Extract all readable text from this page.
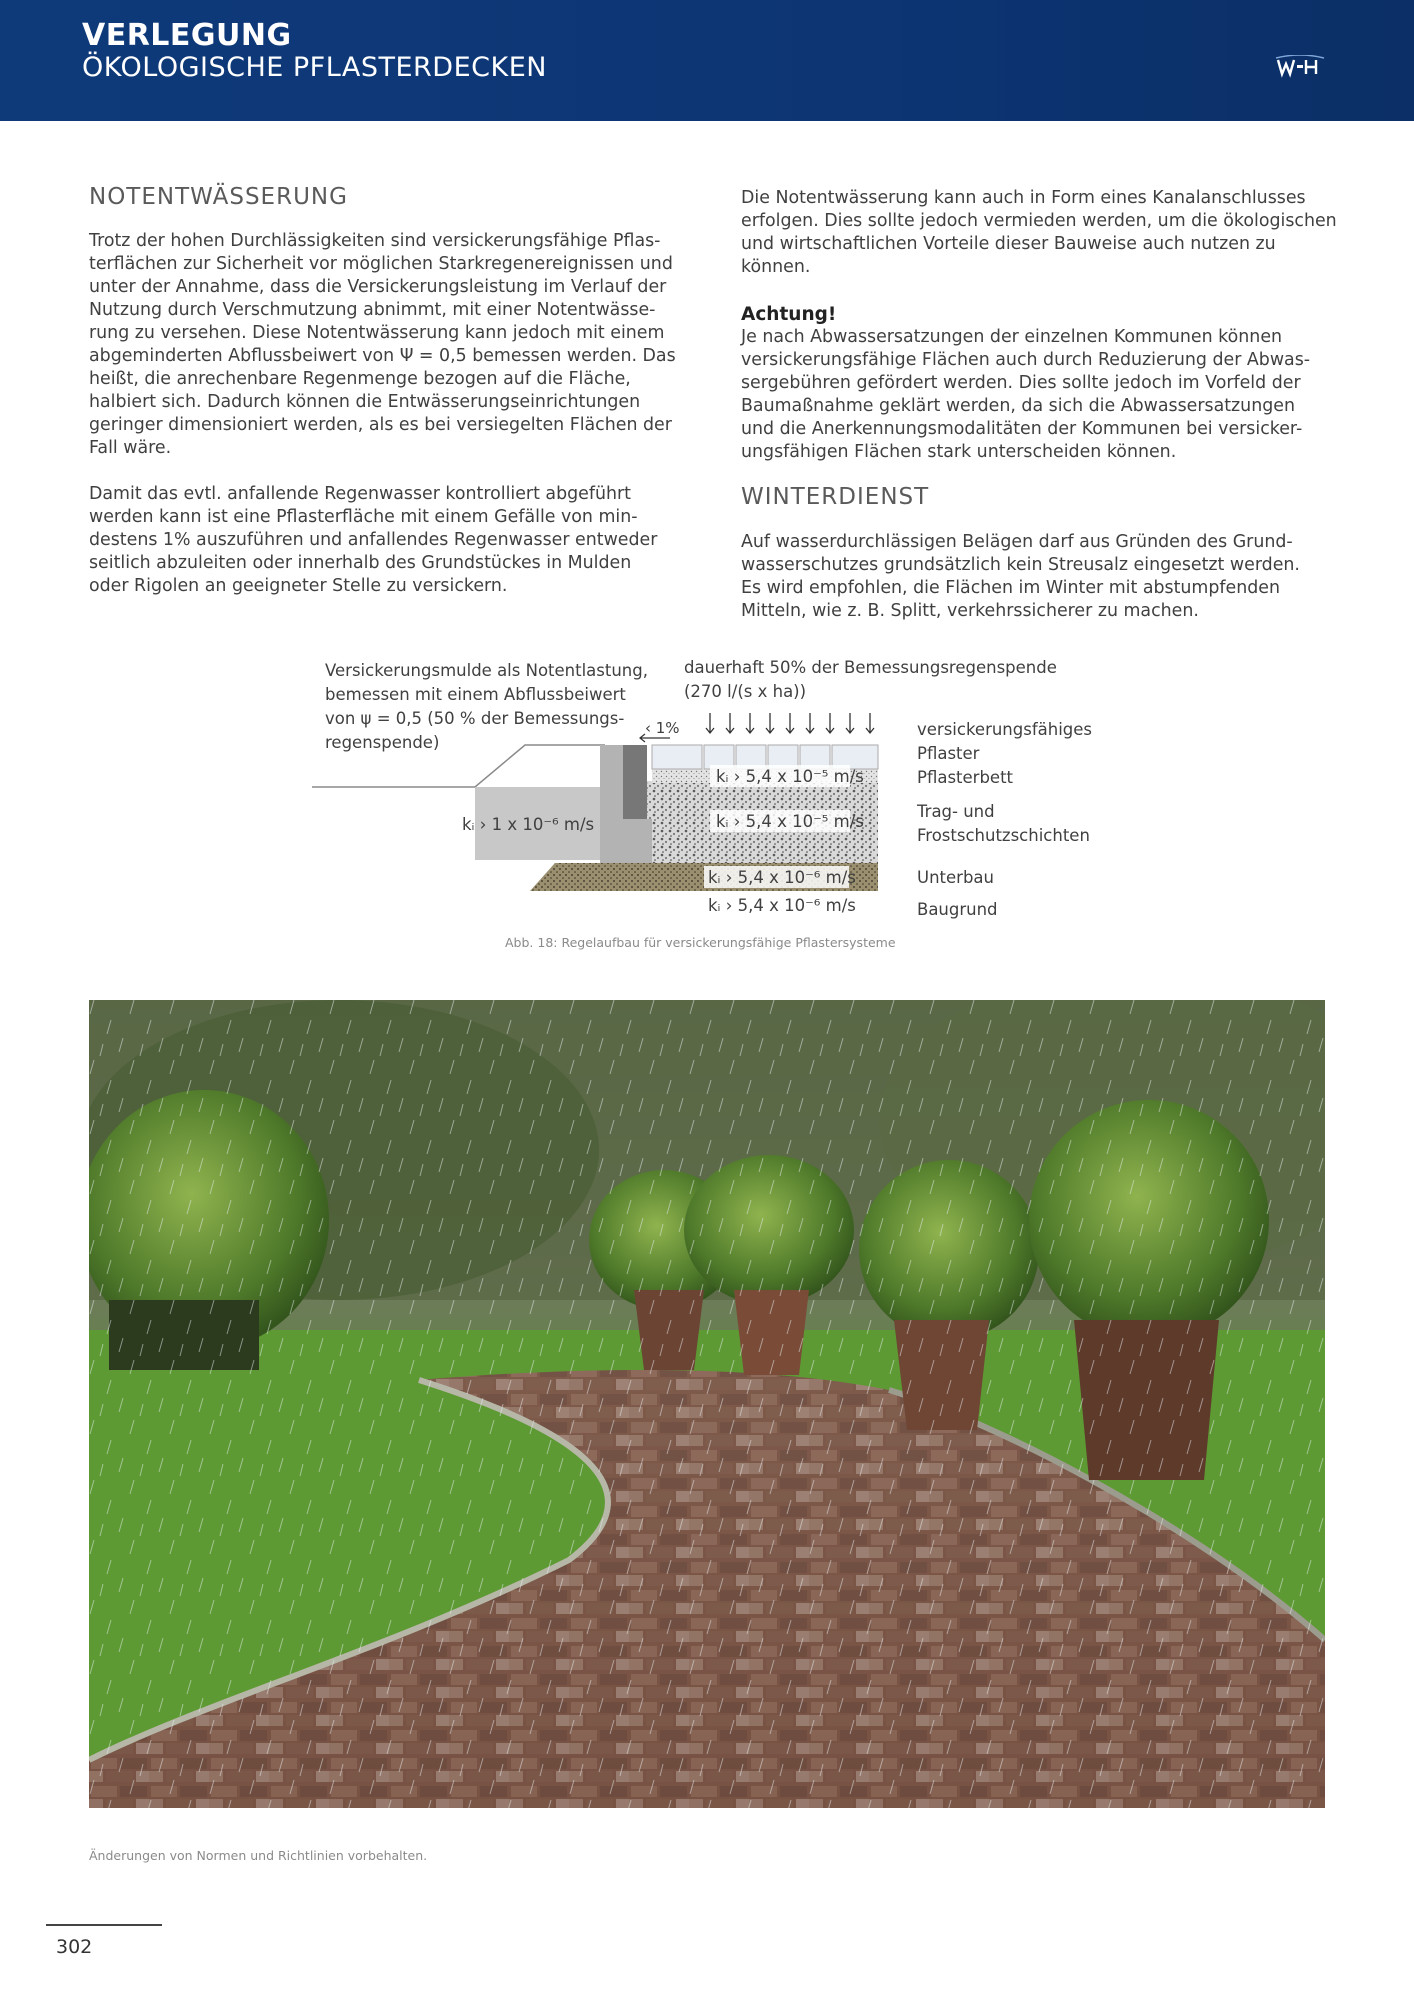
VERLEGUNG
ÖKOLOGISCHE PFLASTERDECKEN
NOTENTWÄSSERUNG

Trotz der hohen Durchlässigkeiten sind versickerungsfähige Pflas-
terflächen zur Sicherheit vor möglichen Starkregenereignissen und
unter der Annahme, dass die Versickerungsleistung im Verlauf der
Nutzung durch Verschmutzung abnimmt, mit einer Notentwässe-
rung zu versehen. Diese Notentwässerung kann jedoch mit einem
abgeminderten Abflussbeiwert von Ψ = 0,5 bemessen werden. Das
heißt, die anrechenbare Regenmenge bezogen auf die Fläche,
halbiert sich. Dadurch können die Entwässerungseinrichtungen
geringer dimensioniert werden, als es bei versiegelten Flächen der
Fall wäre.

Damit das evtl. anfallende Regenwasser kontrolliert abgeführt
werden kann ist eine Pflasterfläche mit einem Gefälle von min-
destens 1% auszuführen und anfallendes Regenwasser entweder
seitlich abzuleiten oder innerhalb des Grundstückes in Mulden
oder Rigolen an geeigneter Stelle zu versickern.

Die Notentwässerung kann auch in Form eines Kanalanschlusses
erfolgen. Dies sollte jedoch vermieden werden, um die ökologischen
und wirtschaftlichen Vorteile dieser Bauweise auch nutzen zu können.

Achtung!

Je nach Abwassersatzungen der einzelnen Kommunen können
versickerungsfähige Flächen auch durch Reduzierung der Abwas-
sergebühren gefördert werden. Dies sollte jedoch im Vorfeld der
Baumaßnahme geklärt werden, da sich die Abwassersatzungen
und die Anerkennungsmodalitäten der Kommunen bei versicker-
ungsfähigen Flächen stark unterscheiden können.

WINTERDIENST

Auf wasserdurchlässigen Belägen darf aus Gründen des Grund-
wasserschutzes grundsätzlich kein Streusalz eingesetzt werden.
Es wird empfohlen, die Flächen im Winter mit abstumpfenden
Mitteln, wie z. B. Splitt, verkehrssicherer zu machen.

Versickerungsmulde als Notentlastung, bemessen mit einem Abflussbeiwert von ψ = 0,5 (50 % der Bemessungs- regenspende)
dauerhaft 50% der Bemessungsregenspende (270 l/(s x ha))
‹ 1%
kᵢ › 1 x 10⁻⁶ m/s
kᵢ › 5,4 x 10⁻⁵ m/s
kᵢ › 5,4 x 10⁻⁵ m/s
kᵢ › 5,4 x 10⁻⁶ m/s
kᵢ › 5,4 x 10⁻⁶ m/s
versickerungsfähiges Pflaster
Pflasterbett
Trag- und Frostschutzschichten
Unterbau
Baugrund
Abb. 18: Regelaufbau für versickerungsfähige Pflastersysteme
Änderungen von Normen und Richtlinien vorbehalten.
302
